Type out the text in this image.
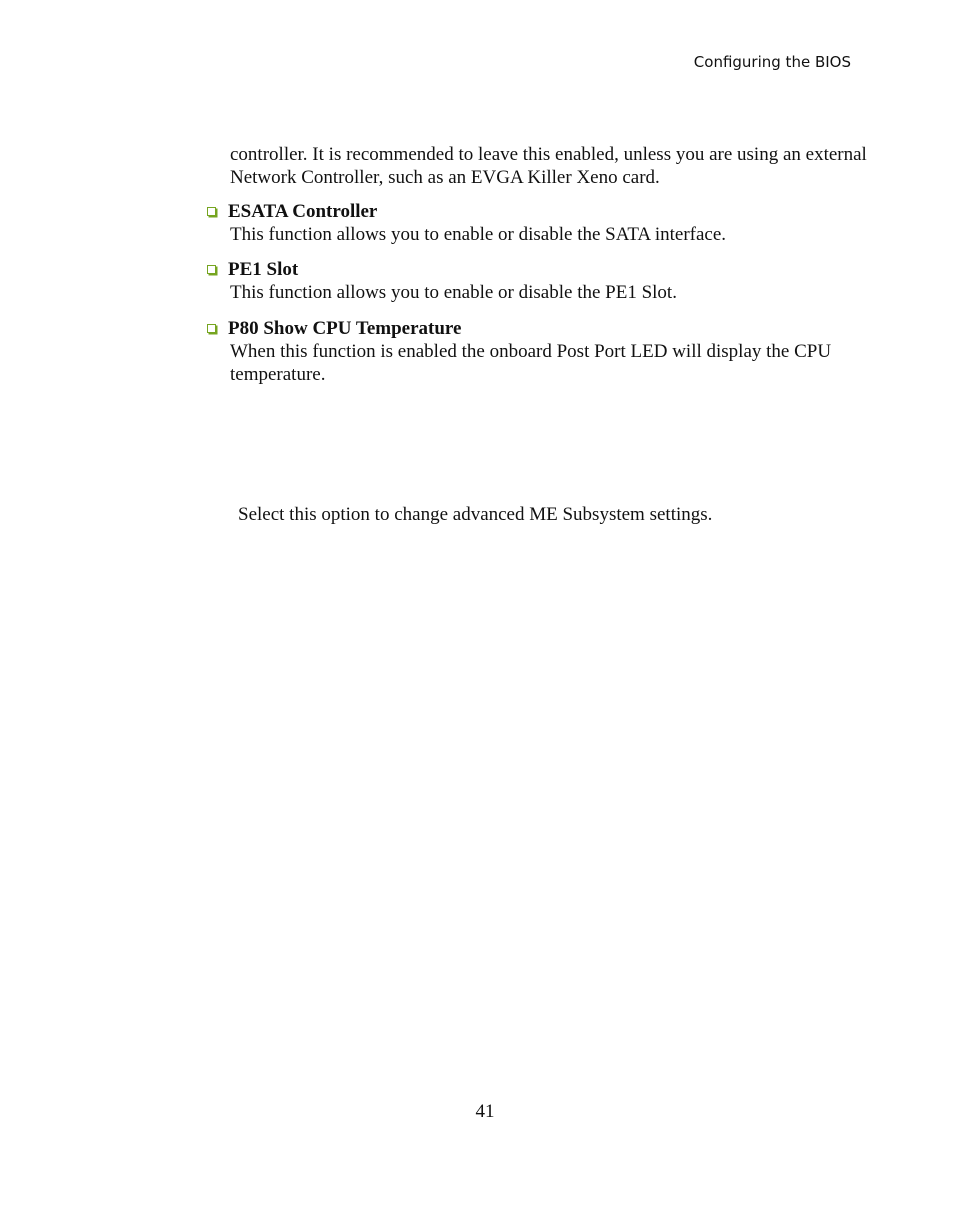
Configuring the BIOS
controller. It is recommended to leave this enabled, unless you are using an external Network Controller, such as an EVGA Killer Xeno card.
ESATA Controller
This function allows you to enable or disable the SATA interface.
PE1 Slot
This function allows you to enable or disable the PE1 Slot.
P80 Show CPU Temperature
When this function is enabled the onboard Post Port LED will display the CPU temperature.
Select this option to change advanced ME Subsystem settings.
41
